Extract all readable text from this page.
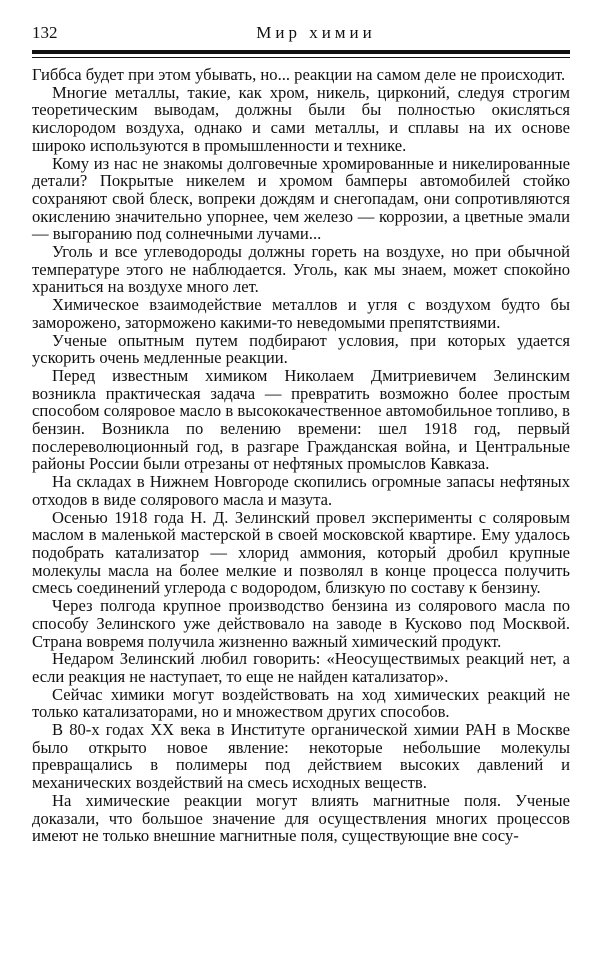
132	Мир химии

Гиббса будет при этом убывать, но... реакции на самом деле не происходит.

Многие металлы, такие, как хром, никель, цирконий, следуя строгим теоретическим выводам, должны были бы полностью окисляться кислородом воздуха, однако и сами металлы, и сплавы на их основе широко используются в промышленности и технике.

Кому из нас не знакомы долговечные хромированные и никелированные детали? Покрытые никелем и хромом бамперы автомобилей стойко сохраняют свой блеск, вопреки дождям и снегопадам, они сопротивляются окислению значительно упорнее, чем железо — коррозии, а цветные эмали — выгоранию под солнечными лучами...

Уголь и все углеводороды должны гореть на воздухе, но при обычной температуре этого не наблюдается. Уголь, как мы знаем, может спокойно храниться на воздухе много лет.

Химическое взаимодействие металлов и угля с воздухом будто бы заморожено, заторможено какими-то неведомыми препятствиями.

Ученые опытным путем подбирают условия, при которых удается ускорить очень медленные реакции.

Перед известным химиком Николаем Дмитриевичем Зелинским возникла практическая задача — превратить возможно более простым способом соляровое масло в высококачественное автомобильное топливо, в бензин. Возникла по велению времени: шел 1918 год, первый послереволюционный год, в разгаре Гражданская война, и Центральные районы России были отрезаны от нефтяных промыслов Кавказа.

На складах в Нижнем Новгороде скопились огромные запасы нефтяных отходов в виде солярового масла и мазута.

Осенью 1918 года Н. Д. Зелинский провел эксперименты с соляровым маслом в маленькой мастерской в своей московской квартире. Ему удалось подобрать катализатор — хлорид аммония, который дробил крупные молекулы масла на более мелкие и позволял в конце процесса получить смесь соединений углерода с водородом, близкую по составу к бензину.

Через полгода крупное производство бензина из солярового масла по способу Зелинского уже действовало на заводе в Кусково под Москвой. Страна вовремя получила жизненно важный химический продукт.

Недаром Зелинский любил говорить: «Неосуществимых реакций нет, а если реакция не наступает, то еще не найден катализатор».

Сейчас химики могут воздействовать на ход химических реакций не только катализаторами, но и множеством других способов.

В 80-х годах XX века в Институте органической химии РАН в Москве было открыто новое явление: некоторые небольшие молекулы превращались в полимеры под действием высоких давлений и механических воздействий на смесь исходных веществ.

На химические реакции могут влиять магнитные поля. Ученые доказали, что большое значение для осуществления многих процессов имеют не только внешние магнитные поля, существующие вне сосу-
